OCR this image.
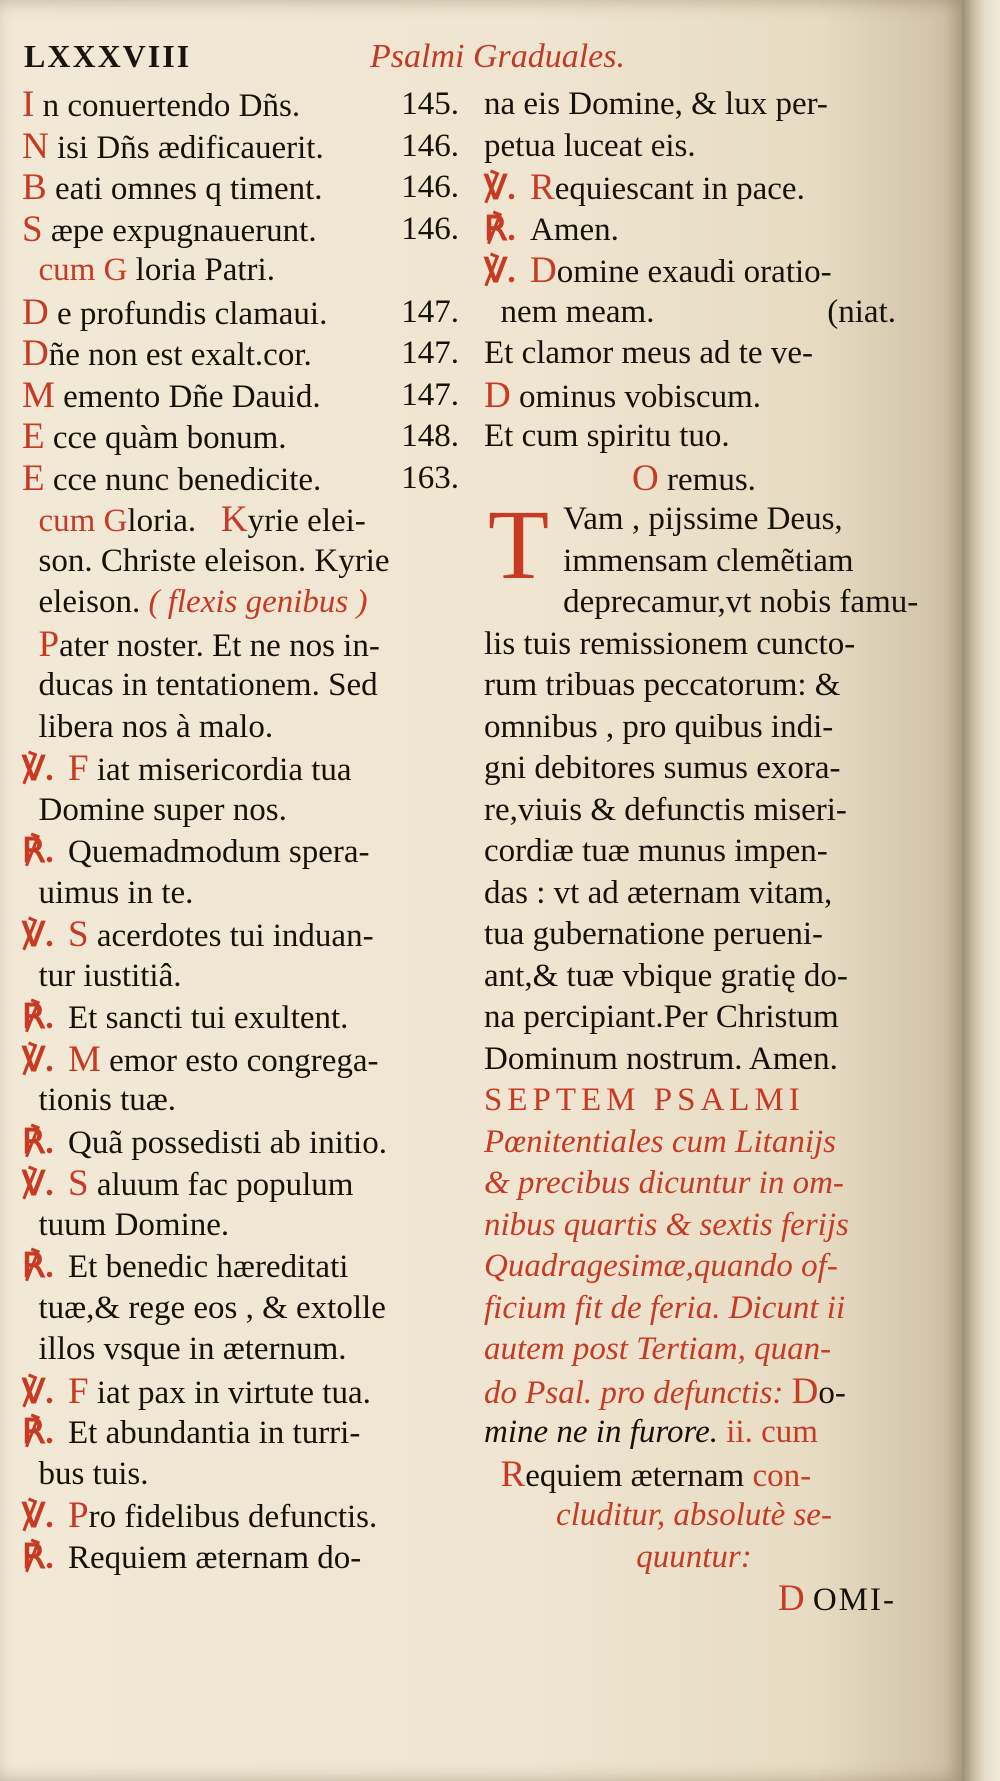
LXXXVIII	Psalmi Graduales.
I n conuertendo Dñs.	145.
N isi Dñs ædificauerit. 146.
B eati omnes q timent. 146.
S æpe expugnauerunt.	146.
cum G loria Patri.
D e profundis clamaui. 147.
Dñe non est exalt.cor.	147.
M emento Dñe Dauid. 147.
E cce quàm bonum.	148.
E cce nunc benedicite. 163.
cum Gloria. Kyrie elei-
son. Christe eleison. Kyrie
eleison. ( flexis genibus )
Pater noster. Et ne nos in-
ducas in tentationem. Sed
libera nos à malo.
℣. F iat misericordia tua
Domine super nos.
℟. Quemadmodum spera-
uimus in te.
℣. S acerdotes tui induan-
tur iustitiâ.
℟. Et sancti tui exultent.
℣. M emor esto congrega-
tionis tuæ.
℟. Quã possedisti ab initio.
℣. S aluum fac populum
tuum Domine.
℟. Et benedic hæreditati
tuæ,& rege eos , & extolle
illos vsque in æternum.
℣. F iat pax in virtute tua.
℟. Et abundantia in turri-
bus tuis.
℣. Pro fidelibus defunctis.
℟. Requiem æternam do-
na eis Domine, & lux per-
petua luceat eis.
℣. Requiescant in pace.
℟. Amen.
℣. Domine exaudi oratio-
nem meam.	(niat.
Et clamor meus ad te ve-
D ominus vobiscum.
Et cum spiritu tuo.
O remus.
T Vam , pijssime Deus,
immensam clemẽtiam
deprecamur,vt nobis famu-
lis tuis remissionem cuncto-
rum tribuas peccatorum: &
omnibus , pro quibus indi-
gni debitores sumus exora-
re,viuis & defunctis miseri-
cordiæ tuæ munus impen-
das : vt ad æternam vitam,
tua gubernatione perueni-
ant,& tuæ vbique gratię do-
na percipiant.Per Christum
Dominum nostrum. Amen.
SEPTEM PSALMI
Pœnitentiales cum Litanijs
& precibus dicuntur in om-
nibus quartis & sextis ferijs
Quadragesimæ,quando of-
ficium fit de feria. Dicunt ii
autem post Tertiam, quan-
do Psal. pro defunctis: Do-
mine ne in furore. ii. cum
Requiem æternam con-
cluditur, absolutè se-
quuntur:
D OMI-
